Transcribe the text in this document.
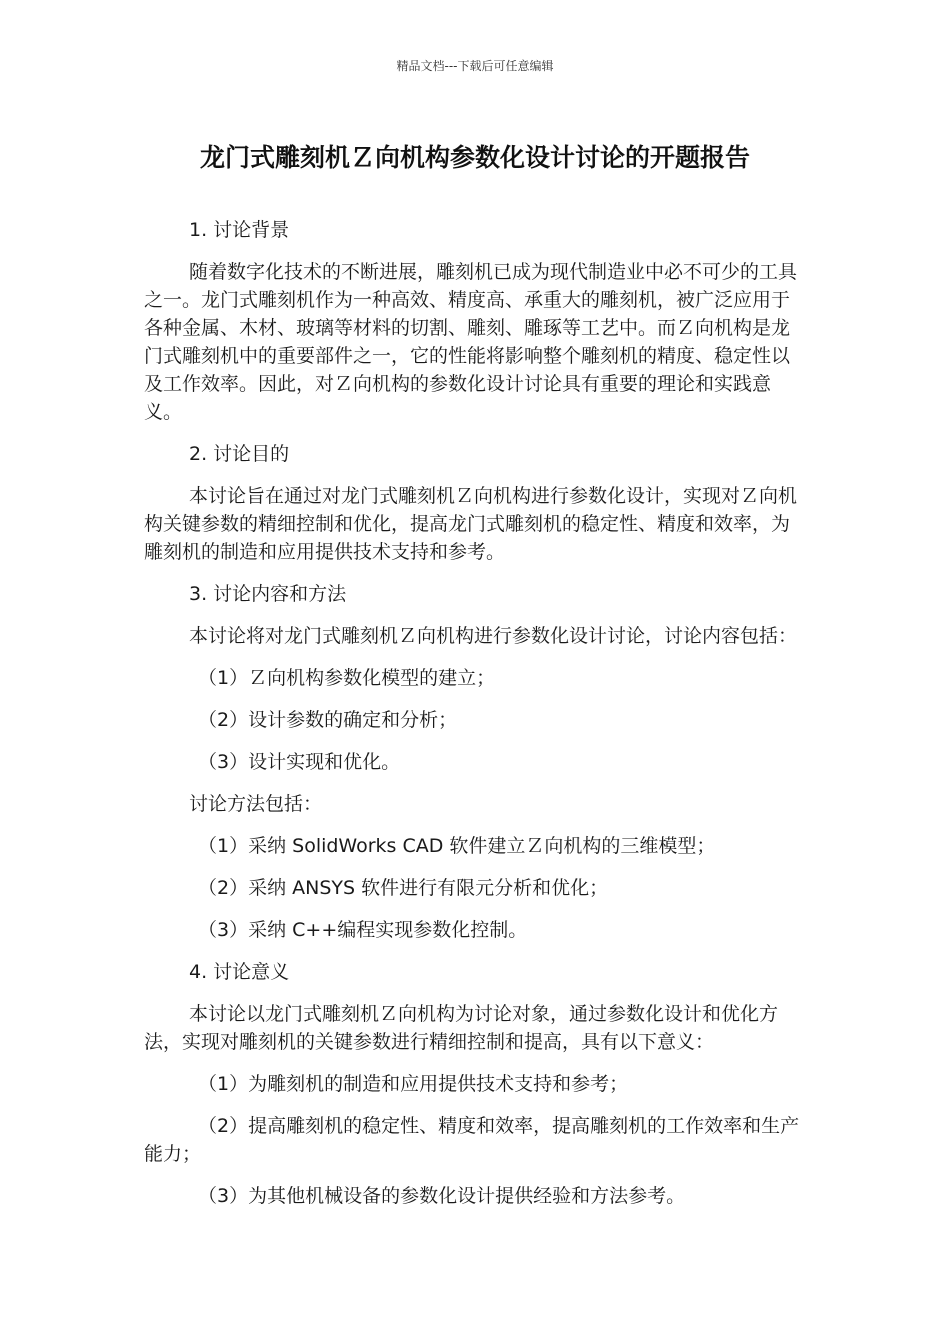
精品文档---下载后可任意编辑
龙门式雕刻机Ｚ向机构参数化设计讨论的开题报告

1. 讨论背景

随着数字化技术的不断进展，雕刻机已成为现代制造业中必不可少的工具之一。龙门式雕刻机作为一种高效、精度高、承重大的雕刻机，被广泛应用于各种金属、木材、玻璃等材料的切割、雕刻、雕琢等工艺中。而Ｚ向机构是龙门式雕刻机中的重要部件之一，它的性能将影响整个雕刻机的精度、稳定性以及工作效率。因此，对Ｚ向机构的参数化设计讨论具有重要的理论和实践意义。

2. 讨论目的

本讨论旨在通过对龙门式雕刻机Ｚ向机构进行参数化设计，实现对Ｚ向机构关键参数的精细控制和优化，提高龙门式雕刻机的稳定性、精度和效率，为雕刻机的制造和应用提供技术支持和参考。

3. 讨论内容和方法

本讨论将对龙门式雕刻机Ｚ向机构进行参数化设计讨论，讨论内容包括：

（1）Ｚ向机构参数化模型的建立；

（2）设计参数的确定和分析；

（3）设计实现和优化。

讨论方法包括：

（1）采纳 SolidWorks CAD 软件建立Ｚ向机构的三维模型；

（2）采纳 ANSYS 软件进行有限元分析和优化；

（3）采纳 C++编程实现参数化控制。

4. 讨论意义

本讨论以龙门式雕刻机Ｚ向机构为讨论对象，通过参数化设计和优化方法，实现对雕刻机的关键参数进行精细控制和提高，具有以下意义：

（1）为雕刻机的制造和应用提供技术支持和参考；

（2）提高雕刻机的稳定性、精度和效率，提高雕刻机的工作效率和生产能力；

（3）为其他机械设备的参数化设计提供经验和方法参考。
